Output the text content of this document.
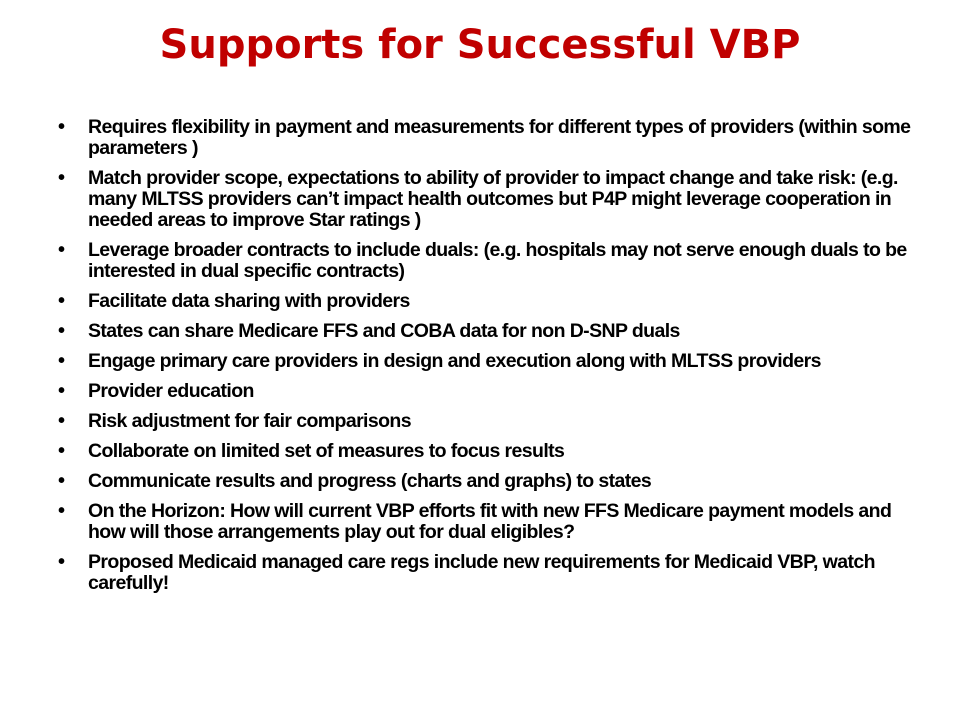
Supports for Successful VBP
• Requires flexibility in payment and measurements for different types of providers (within some parameters )
• Match provider scope, expectations to ability of provider to impact change and take risk: (e.g. many MLTSS providers can’t impact health outcomes but P4P might leverage cooperation in needed areas to improve Star ratings )
• Leverage broader contracts to include duals: (e.g. hospitals may not serve enough duals to be interested in dual specific contracts)
• Facilitate data sharing with providers
• States can share Medicare FFS and COBA data for non D-SNP duals
• Engage primary care providers in design and execution along with MLTSS providers
• Provider education
• Risk adjustment for fair comparisons
• Collaborate on limited set of measures to focus results
• Communicate results and progress (charts and graphs) to states
• On the Horizon: How will current VBP efforts fit with new FFS Medicare payment models and how will those arrangements play out for dual eligibles?
• Proposed Medicaid managed care regs include new requirements for Medicaid VBP, watch carefully!
